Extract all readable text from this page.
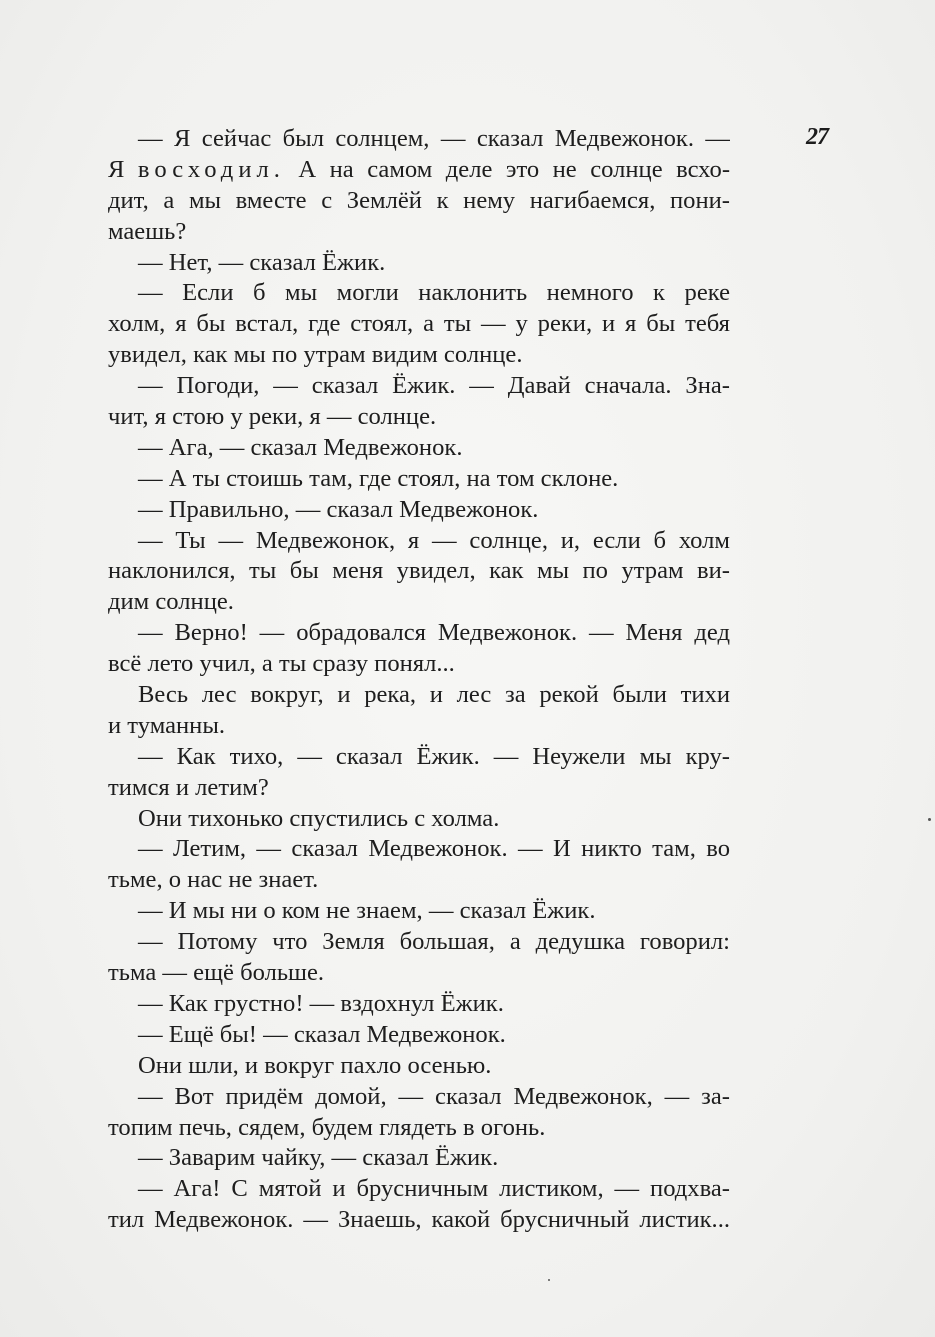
27
— Я сейчас был солнцем, — сказал Медвежонок. —
Я восходил. А на самом деле это не солнце всхо-
дит, а мы вместе с Землёй к нему нагибаемся, пони-
маешь?
— Нет, — сказал Ёжик.
— Если б мы могли наклонить немного к реке
холм, я бы встал, где стоял, а ты — у реки, и я бы тебя
увидел, как мы по утрам видим солнце.
— Погоди, — сказал Ёжик. — Давай сначала. Зна-
чит, я стою у реки, я — солнце.
— Ага, — сказал Медвежонок.
— А ты стоишь там, где стоял, на том склоне.
— Правильно, — сказал Медвежонок.
— Ты — Медвежонок, я — солнце, и, если б холм
наклонился, ты бы меня увидел, как мы по утрам ви-
дим солнце.
— Верно! — обрадовался Медвежонок. — Меня дед
всё лето учил, а ты сразу понял...
Весь лес вокруг, и река, и лес за рекой были тихи
и туманны.
— Как тихо, — сказал Ёжик. — Неужели мы кру-
тимся и летим?
Они тихонько спустились с холма.
— Летим, — сказал Медвежонок. — И никто там, во
тьме, о нас не знает.
— И мы ни о ком не знаем, — сказал Ёжик.
— Потому что Земля большая, а дедушка говорил:
тьма — ещё больше.
— Как грустно! — вздохнул Ёжик.
— Ещё бы! — сказал Медвежонок.
Они шли, и вокруг пахло осенью.
— Вот придём домой, — сказал Медвежонок, — за-
топим печь, сядем, будем глядеть в огонь.
— Заварим чайку, — сказал Ёжик.
— Ага! С мятой и брусничным листиком, — подхва-
тил Медвежонок. — Знаешь, какой брусничный листик...
